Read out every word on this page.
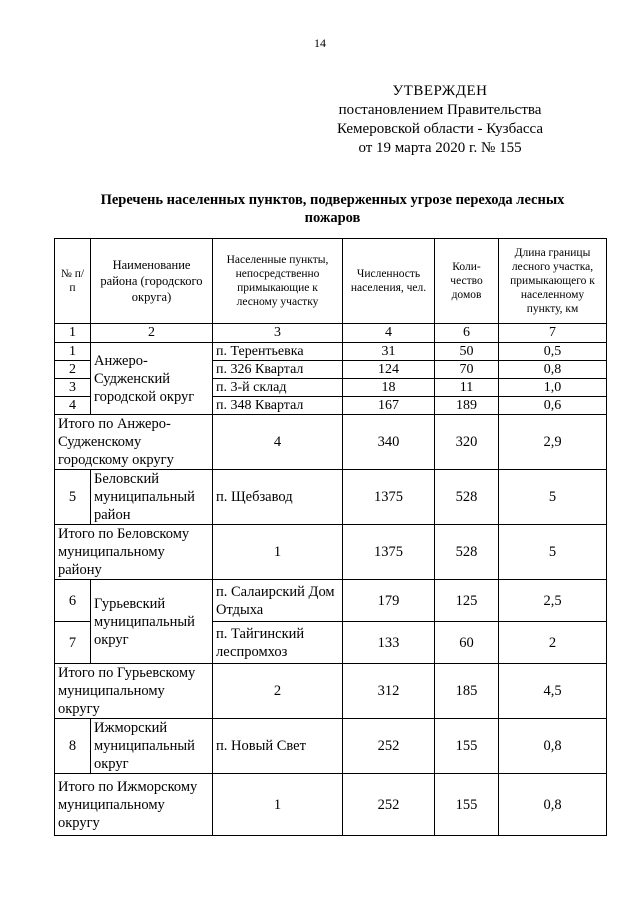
14
УТВЕРЖДЕН
постановлением Правительства
Кемеровской области - Кузбасса
от 19 марта 2020 г. № 155
Перечень населенных пунктов, подверженных угрозе перехода лесных
пожаров
№ п/п	Наименование района (городского округа)	Населенные пункты, непосредственно примыкающие к лесному участку	Численность населения, чел.	Коли-чество домов	Длина границы лесного участка, примыкающего к населенному пункту, км
1	2	3	4	6	7
1	Анжеро-Судженский городской округ	п. Терентьевка	31	50	0,5
2		п. 326 Квартал	124	70	0,8
3		п. 3-й склад	18	11	1,0
4		п. 348 Квартал	167	189	0,6
Итого по Анжеро-Судженскому городскому округу		4	340	320	2,9
5	Беловский муниципальный район	п. Щебзавод	1375	528	5
Итого по Беловскому муниципальному району		1	1375	528	5
6	Гурьевский муниципальный округ	п. Салаирский Дом Отдыха	179	125	2,5
7		п. Тайгинский леспромхоз	133	60	2
Итого по Гурьевскому муниципальному округу		2	312	185	4,5
8	Ижморский муниципальный округ	п. Новый Свет	252	155	0,8
Итого по Ижморскому муниципальному округу		1	252	155	0,8
